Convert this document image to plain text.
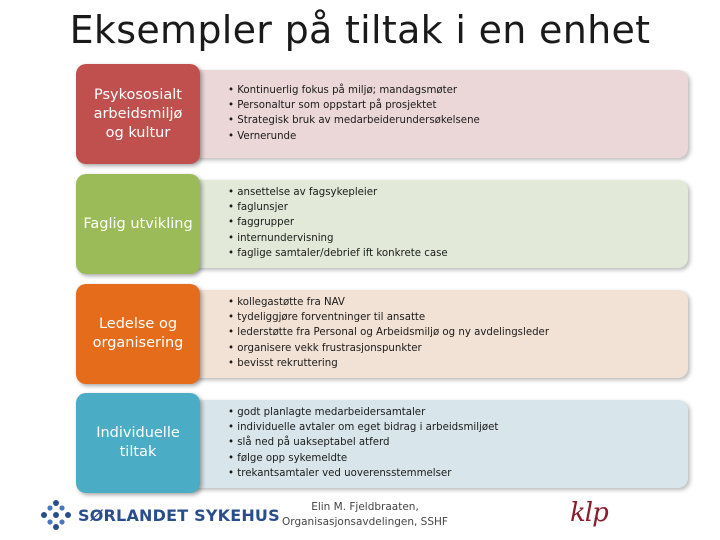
Eksempler på tiltak i en enhet
Psykososialt
arbeidsmiljø
og kultur
• Kontinuerlig fokus på miljø; mandagsmøter
• Personaltur som oppstart på prosjektet
• Strategisk bruk av medarbeiderundersøkelsene
• Vernerunde
Faglig utvikling
• ansettelse av fagsykepleier
• faglunsjer
• faggrupper
• internundervisning
• faglige samtaler/debrief ift konkrete case
Ledelse og
organisering
• kollegastøtte fra NAV
• tydeliggjøre forventninger til ansatte
• lederstøtte fra Personal og Arbeidsmiljø og ny avdelingsleder
• organisere vekk frustrasjonspunkter
• bevisst rekruttering
Individuelle
tiltak
• godt planlagte medarbeidersamtaler
• individuelle avtaler om eget bidrag i arbeidsmiljøet
• slå ned på uakseptabel atferd
• følge opp sykemeldte
• trekantsamtaler ved uoverensstemmelser
SØRLANDET SYKEHUS	Elin M. Fjeldbraaten,
Organisasjonsavdelingen, SSHF	klp
